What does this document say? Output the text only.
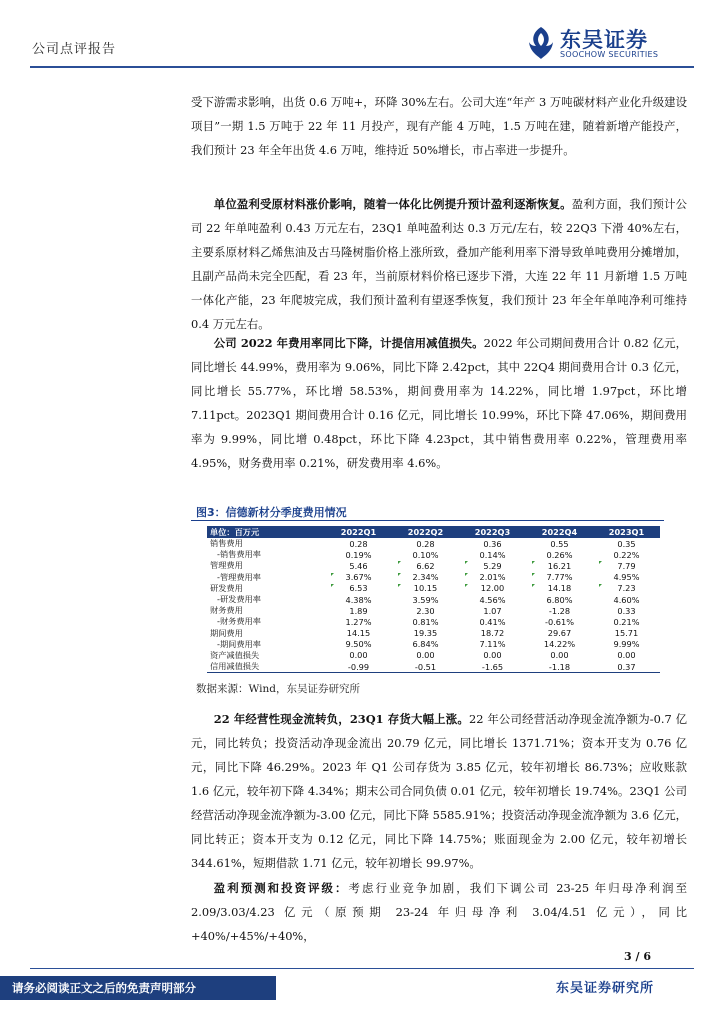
公司点评报告	东吴证券
SOOCHOW SECURITIES
受下游需求影响，出货 0.6 万吨+，环降 30%左右。公司大连“年产 3 万吨碳材料产业化升级建设项目”一期 1.5 万吨于 22 年 11 月投产，现有产能 4 万吨，1.5 万吨在建，随着新增产能投产，我们预计 23 年全年出货 4.6 万吨，维持近 50%增长，市占率进一步提升。
单位盈利受原材料涨价影响，随着一体化比例提升预计盈利逐渐恢复。盈利方面，我们预计公司 22 年单吨盈利 0.43 万元左右，23Q1 单吨盈利达 0.3 万元/左右，较 22Q3 下滑 40%左右，主要系原材料乙烯焦油及古马隆树脂价格上涨所致，叠加产能利用率下滑导致单吨费用分摊增加，且副产品尚未完全匹配，看 23 年，当前原材料价格已逐步下滑，大连 22 年 11 月新增 1.5 万吨一体化产能，23 年爬坡完成，我们预计盈利有望逐季恢复，我们预计 23 年全年单吨净利可维持 0.4 万元左右。
公司 2022 年费用率同比下降，计提信用减值损失。2022 年公司期间费用合计 0.82 亿元，同比增长 44.99%，费用率为 9.06%，同比下降 2.42pct，其中 22Q4 期间费用合计 0.3 亿元，同比增长 55.77%，环比增 58.53%，期间费用率为 14.22%，同比增 1.97pct，环比增 7.11pct。2023Q1 期间费用合计 0.16 亿元，同比增长 10.99%，环比下降 47.06%，期间费用率为 9.99%，同比增 0.48pct，环比下降 4.23pct，其中销售费用率 0.22%，管理费用率 4.95%，财务费用率 0.21%，研发费用率 4.6%。
图3：信德新材分季度费用情况
单位：百万元	2022Q1	2022Q2	2022Q3	2022Q4	2023Q1
销售费用	0.28	0.28	0.36	0.55	0.35
-销售费用率	0.19%	0.10%	0.14%	0.26%	0.22%
管理费用	5.46	6.62	5.29	16.21	7.79
-管理费用率	3.67%	2.34%	2.01%	7.77%	4.95%
研发费用	6.53	10.15	12.00	14.18	7.23
-研发费用率	4.38%	3.59%	4.56%	6.80%	4.60%
财务费用	1.89	2.30	1.07	-1.28	0.33
-财务费用率	1.27%	0.81%	0.41%	-0.61%	0.21%
期间费用	14.15	19.35	18.72	29.67	15.71
-期间费用率	9.50%	6.84%	7.11%	14.22%	9.99%
资产减值损失	0.00	0.00	0.00	0.00	0.00
信用减值损失	-0.99	-0.51	-1.65	-1.18	0.37
数据来源：Wind，东吴证券研究所
22 年经营性现金流转负，23Q1 存货大幅上涨。22 年公司经营活动净现金流净额为-0.7 亿元，同比转负；投资活动净现金流出 20.79 亿元，同比增长 1371.71%；资本开支为 0.76 亿元，同比下降 46.29%。2023 年 Q1 公司存货为 3.85 亿元，较年初增长 86.73%；应收账款 1.6 亿元，较年初下降 4.34%；期末公司合同负债 0.01 亿元，较年初增长 19.74%。23Q1 公司经营活动净现金流净额为-3.00 亿元，同比下降 5585.91%；投资活动净现金流净额为 3.6 亿元，同比转正；资本开支为 0.12 亿元，同比下降 14.75%；账面现金为 2.00 亿元，较年初增长 344.61%，短期借款 1.71 亿元，较年初增长 99.97%。
盈利预测和投资评级：考虑行业竞争加剧，我们下调公司 23-25 年归母净利润至 2.09/3.03/4.23 亿元（原预期 23-24 年归母净利 3.04/4.51 亿元），同比+40%/+45%/+40%，
3 / 6
请务必阅读正文之后的免责声明部分	东吴证券研究所
